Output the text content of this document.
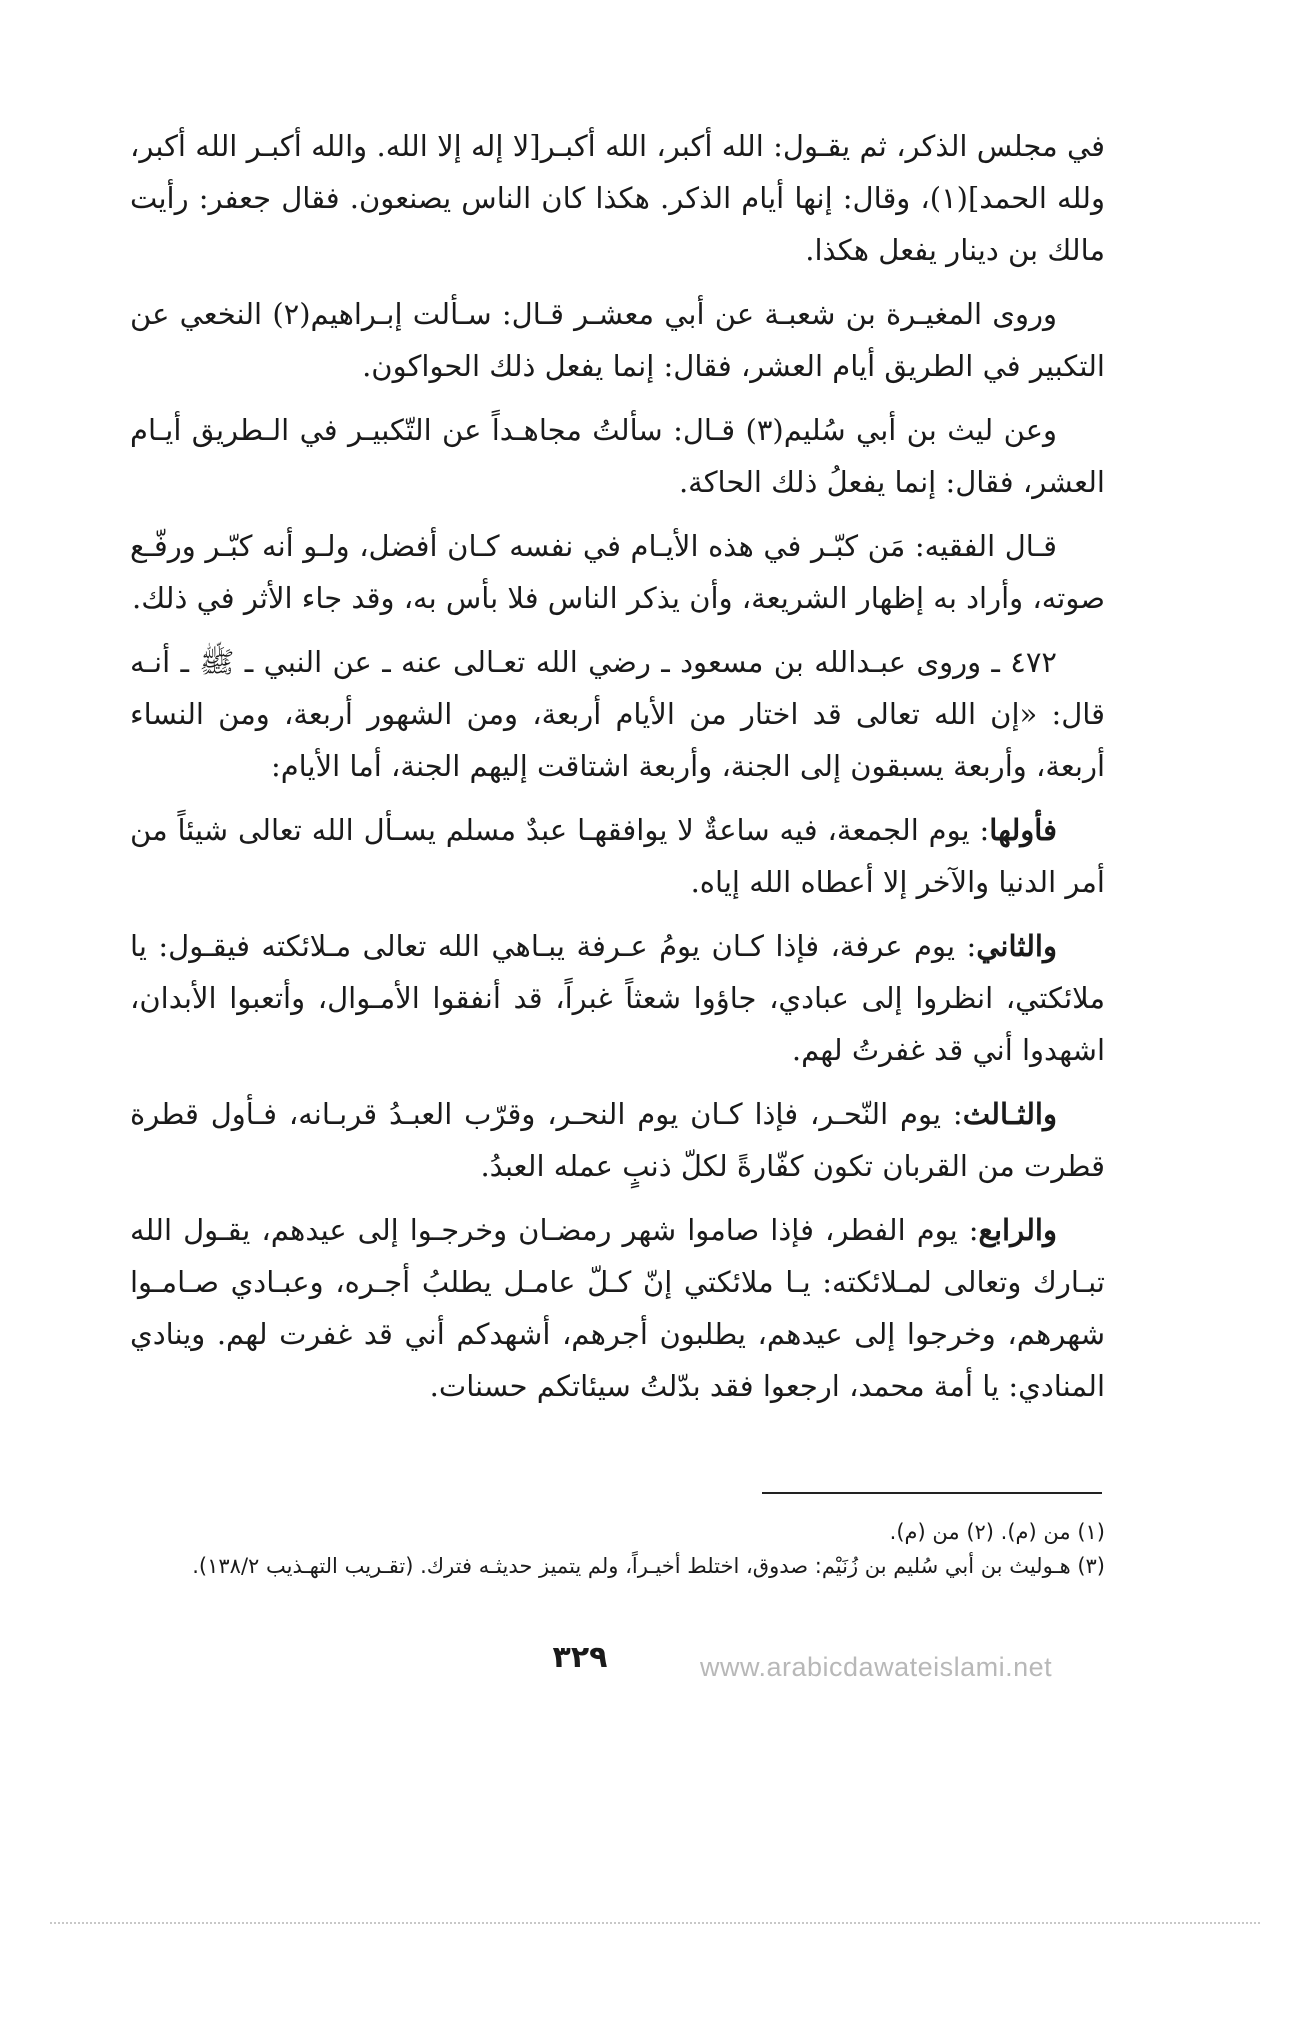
في مجلس الذكر، ثم يقـول: الله أكبر، الله أكبـر[لا إله إلا الله. والله أكبـر الله أكبر، ولله الحمد](١)، وقال: إنها أيام الذكر. هكذا كان الناس يصنعون. فقال جعفر: رأيت مالك بن دينار يفعل هكذا.

وروى المغيـرة بن شعبـة عن أبي معشـر قـال: سـألت إبـراهيم(٢) النخعي عن التكبير في الطريق أيام العشر، فقال: إنما يفعل ذلك الحواكون.

وعن ليث بن أبي سُليم(٣) قـال: سألتُ مجاهـداً عن التّكبيـر في الـطريق أيـام العشر، فقال: إنما يفعلُ ذلك الحاكة.

قـال الفقيه: مَن كبّـر في هذه الأيـام في نفسه كـان أفضل، ولـو أنه كبّـر ورفّـع صوته، وأراد به إظهار الشريعة، وأن يذكر الناس فلا بأس به، وقد جاء الأثر في ذلك.

٤٧٢ ـ وروى عبـدالله بن مسعود ـ رضي الله تعـالى عنه ـ عن النبي ـ ﷺ ـ أنـه قال: «إن الله تعالى قد اختار من الأيام أربعة، ومن الشهور أربعة، ومن النساء أربعة، وأربعة يسبقون إلى الجنة، وأربعة اشتاقت إليهم الجنة، أما الأيام:

فأولها: يوم الجمعة، فيه ساعةٌ لا يوافقهـا عبدٌ مسلم يسـأل الله تعالى شيئاً من أمر الدنيا والآخر إلا أعطاه الله إياه.

والثاني: يوم عرفة، فإذا كـان يومُ عـرفة يبـاهي الله تعالى مـلائكته فيقـول: يا ملائكتي، انظروا إلى عبادي، جاؤوا شعثاً غبراً، قد أنفقوا الأمـوال، وأتعبوا الأبدان، اشهدوا أني قد غفرتُ لهم.

والثـالث: يوم النّحـر، فإذا كـان يوم النحـر، وقرّب العبـدُ قربـانه، فـأول قطرة قطرت من القربان تكون كفّارةً لكلّ ذنبٍ عمله العبدُ.

والرابع: يوم الفطر، فإذا صاموا شهر رمضـان وخرجـوا إلى عيدهم، يقـول الله تبـارك وتعالى لمـلائكته: يـا ملائكتي إنّ كـلّ عامـل يطلبُ أجـره، وعبـادي صـامـوا شهرهم، وخرجوا إلى عيدهم، يطلبون أجرهم، أشهدكم أني قد غفرت لهم. وينادي المنادي: يا أمة محمد، ارجعوا فقد بدّلتُ سيئاتكم حسنات.

(١) من (م). (٢) من (م).
(٣) هـوليث بن أبي سُليم بن زُنَيْم: صدوق، اختلط أخيـراً، ولم يتميز حديثـه فترك. (تقـريب التهـذيب ١٣٨/٢).
٣٢٩	www.arabicdawateislami.net
